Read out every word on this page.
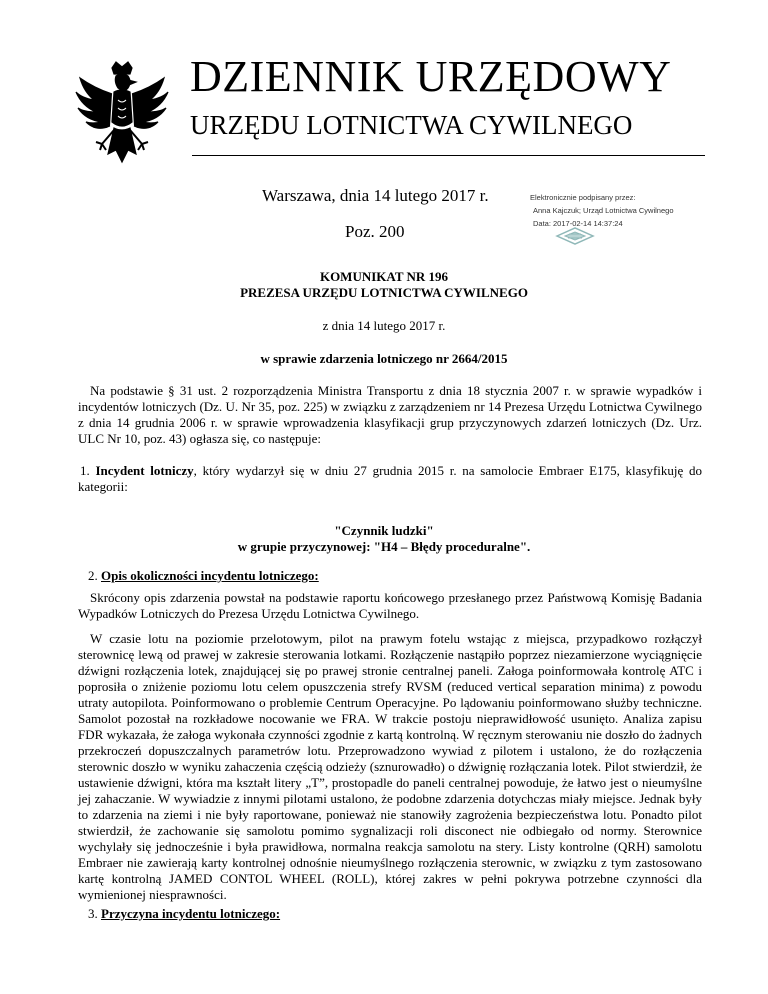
DZIENNIK URZĘDOWY
URZĘDU LOTNICTWA CYWILNEGO
Warszawa, dnia 14 lutego 2017 r.
Poz. 200
Elektronicznie podpisany przez:
Anna Kajczuk; Urząd Lotnictwa Cywilnego
Data: 2017-02-14 14:37:24
KOMUNIKAT NR 196
PREZESA URZĘDU LOTNICTWA CYWILNEGO
z dnia 14 lutego 2017 r.
w sprawie zdarzenia lotniczego nr 2664/2015
Na podstawie § 31 ust. 2 rozporządzenia Ministra Transportu z dnia 18 stycznia 2007 r. w sprawie wypadków i incydentów lotniczych (Dz. U. Nr 35, poz. 225) w związku z zarządzeniem nr 14 Prezesa Urzędu Lotnictwa Cywilnego z dnia 14 grudnia 2006 r. w sprawie wprowadzenia klasyfikacji grup przyczynowych zdarzeń lotniczych (Dz. Urz. ULC Nr 10, poz. 43) ogłasza się, co następuje:
1. Incydent lotniczy, który wydarzył się w dniu 27 grudnia 2015 r. na samolocie Embraer E175, klasyfikuję do kategorii:
"Czynnik ludzki"
w grupie przyczynowej: "H4 – Błędy proceduralne".
2. Opis okoliczności incydentu lotniczego:
Skrócony opis zdarzenia powstał na podstawie raportu końcowego przesłanego przez Państwową Komisję Badania Wypadków Lotniczych do Prezesa Urzędu Lotnictwa Cywilnego.
W czasie lotu na poziomie przelotowym, pilot na prawym fotelu wstając z miejsca, przypadkowo rozłączył sterownicę lewą od prawej w zakresie sterowania lotkami. Rozłączenie nastąpiło poprzez niezamierzone wyciągnięcie dźwigni rozłączenia lotek, znajdującej się po prawej stronie centralnej paneli. Załoga poinformowała kontrolę ATC i poprosiła o zniżenie poziomu lotu celem opuszczenia strefy RVSM (reduced vertical separation minima) z powodu utraty autopilota. Poinformowano o problemie Centrum Operacyjne. Po lądowaniu poinformowano służby techniczne. Samolot pozostał na rozkładowe nocowanie we FRA. W trakcie postoju nieprawidłowość usunięto. Analiza zapisu FDR wykazała, że załoga wykonała czynności zgodnie z kartą kontrolną. W ręcznym sterowaniu nie doszło do żadnych przekroczeń dopuszczalnych parametrów lotu. Przeprowadzono wywiad z pilotem i ustalono, że do rozłączenia sterownic doszło w wyniku zahaczenia częścią odzieży (sznurowadło) o dźwignię rozłączania lotek. Pilot stwierdził, że ustawienie dźwigni, która ma kształt litery „T”, prostopadle do paneli centralnej powoduje, że łatwo jest o nieumyślne jej zahaczanie. W wywiadzie z innymi pilotami ustalono, że podobne zdarzenia dotychczas miały miejsce. Jednak były to zdarzenia na ziemi i nie były raportowane, ponieważ nie stanowiły zagrożenia bezpieczeństwa lotu. Ponadto pilot stwierdził, że zachowanie się samolotu pomimo sygnalizacji roli disconect nie odbiegało od normy. Sterownice wychylały się jednocześnie i była prawidłowa, normalna reakcja samolotu na stery. Listy kontrolne (QRH) samolotu Embraer nie zawierają karty kontrolnej odnośnie nieumyślnego rozłączenia sterownic, w związku z tym zastosowano kartę kontrolną JAMED CONTOL WHEEL (ROLL), której zakres w pełni pokrywa potrzebne czynności dla wymienionej niesprawności.
3. Przyczyna incydentu lotniczego:
